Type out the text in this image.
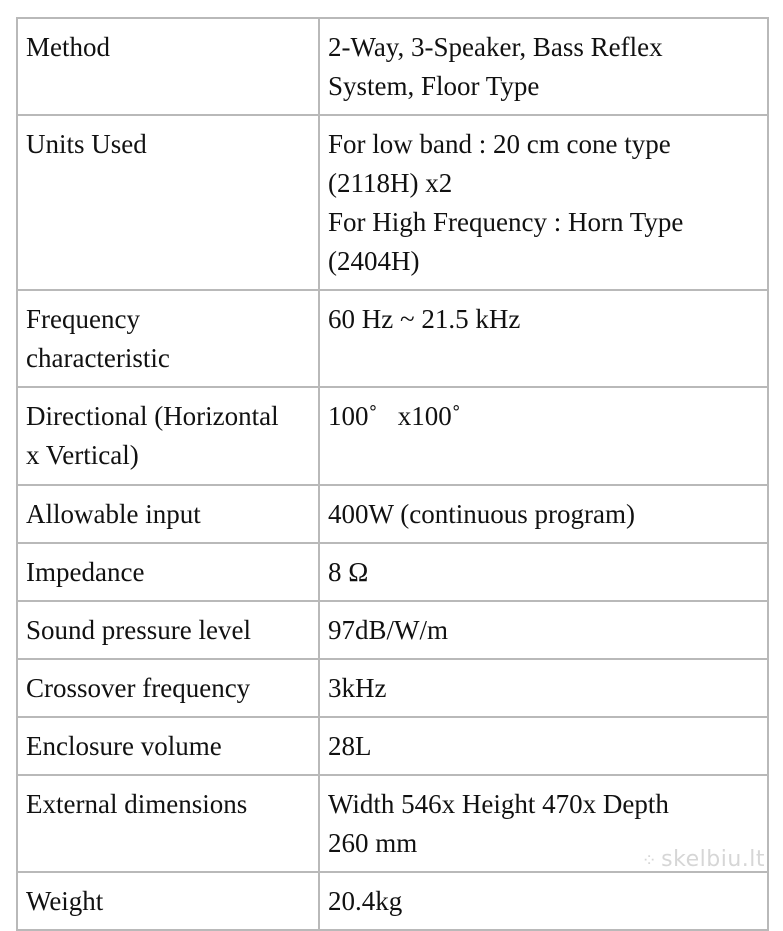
Method	2-Way, 3-Speaker, Bass Reflex
System, Floor Type

Units Used	For low band : 20 cm cone type
(2118H) x2
For High Frequency : Horn Type
(2404H)

Frequency
characteristic	60 Hz ~ 21.5 kHz

Directional (Horizontal
x Vertical)	100˚   x100˚

Allowable input	400W (continuous program)

Impedance	8 Ω

Sound pressure level	97dB/W/m

Crossover frequency	3kHz

Enclosure volume	28L

External dimensions	Width 546x Height 470x Depth
260 mm

Weight	20.4kg
⁘ skelbiu.lt
